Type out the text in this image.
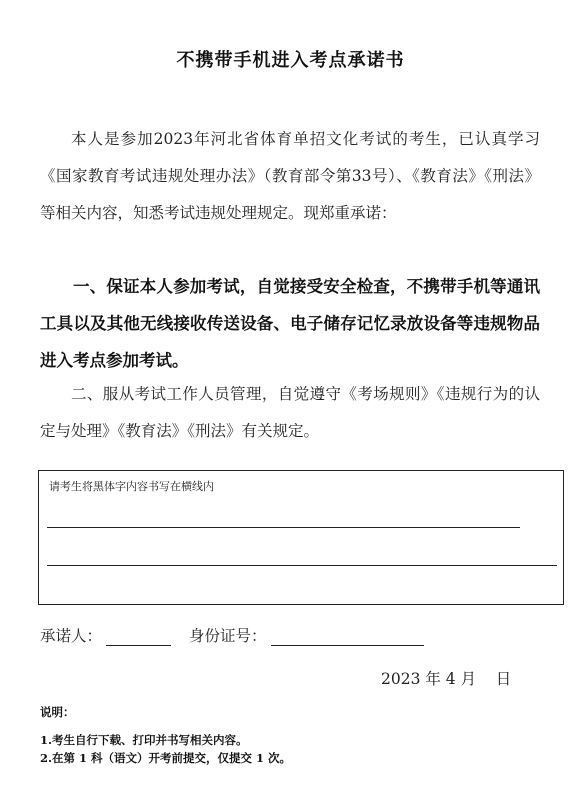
不携带手机进入考点承诺书
本人是参加2023年河北省体育单招文化考试的考生，已认真学习《国家教育考试违规处理办法》（教育部令第33号）、《教育法》《刑法》等相关内容，知悉考试违规处理规定。现郑重承诺：
一、保证本人参加考试，自觉接受安全检查，不携带手机等通讯工具以及其他无线接收传送设备、电子储存记忆录放设备等违规物品进入考点参加考试。
二、服从考试工作人员管理，自觉遵守《考场规则》《违规行为的认定与处理》《教育法》《刑法》有关规定。
请考生将黑体字内容书写在横线内
承诺人：	身份证号：
2023 年 4 月    日
说明：
1.考生自行下载、打印并书写相关内容。
2.在第 1 科（语文）开考前提交，仅提交 1 次。
